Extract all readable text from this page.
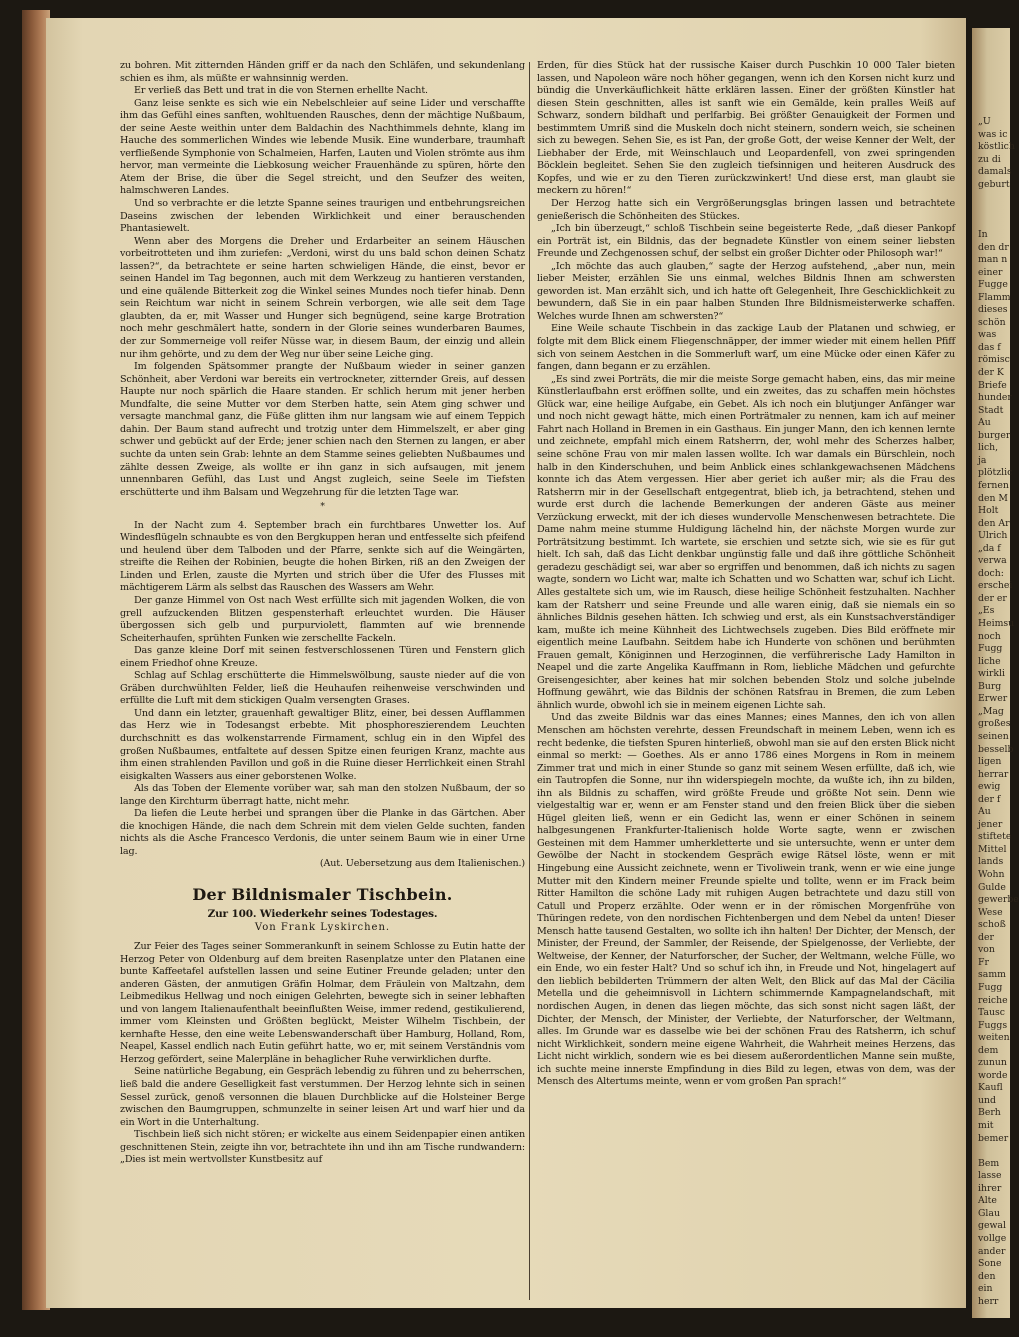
zu bohren. Mit zitternden Händen griff er da nach den Schläfen, und sekundenlang schien es ihm, als müßte er wahnsinnig werden.

Er verließ das Bett und trat in die von Sternen erhellte Nacht.

Ganz leise senkte es sich wie ein Nebelschleier auf seine Lider und verschaffte ihm das Gefühl eines sanften, wohltuenden Rausches, denn der mächtige Nußbaum, der seine Aeste weithin unter dem Baldachin des Nachthimmels dehnte, klang im Hauche des sommerlichen Windes wie lebende Musik. Eine wunderbare, traumhaft verfließende Symphonie von Schalmeien, Harfen, Lauten und Violen strömte aus ihm hervor, man vermeinte die Liebkosung weicher Frauenhände zu spüren, hörte den Atem der Brise, die über die Segel streicht, und den Seufzer des weiten, halmschweren Landes.

Und so verbrachte er die letzte Spanne seines traurigen und entbehrungsreichen Daseins zwischen der lebenden Wirklichkeit und einer berauschenden Phantasiewelt.

Wenn aber des Morgens die Dreher und Erdarbeiter an seinem Häuschen vorbeitrotteten und ihm zuriefen: „Verdoni, wirst du uns bald schon deinen Schatz lassen?“, da betrachtete er seine harten schwieligen Hände, die einst, bevor er seinen Handel im Tag begonnen, auch mit dem Werkzeug zu hantieren verstanden, und eine quälende Bitterkeit zog die Winkel seines Mundes noch tiefer hinab. Denn sein Reichtum war nicht in seinem Schrein verborgen, wie alle seit dem Tage glaubten, da er, mit Wasser und Hunger sich begnügend, seine karge Brotration noch mehr geschmälert hatte, sondern in der Glorie seines wunderbaren Baumes, der zur Sommerneige voll reifer Nüsse war, in diesem Baum, der einzig und allein nur ihm gehörte, und zu dem der Weg nur über seine Leiche ging.

Im folgenden Spätsommer prangte der Nußbaum wieder in seiner ganzen Schönheit, aber Verdoni war bereits ein vertrockneter, zitternder Greis, auf dessen Haupte nur noch spärlich die Haare standen. Er schlich herum mit jener herben Mundfalte, die seine Mutter vor dem Sterben hatte, sein Atem ging schwer und versagte manchmal ganz, die Füße glitten ihm nur langsam wie auf einem Teppich dahin. Der Baum stand aufrecht und trotzig unter dem Himmelszelt, er aber ging schwer und gebückt auf der Erde; jener schien nach den Sternen zu langen, er aber suchte da unten sein Grab: lehnte an dem Stamme seines geliebten Nußbaumes und zählte dessen Zweige, als wollte er ihn ganz in sich aufsaugen, mit jenem unnennbaren Gefühl, das Lust und Angst zugleich, seine Seele im Tiefsten erschütterte und ihm Balsam und Wegzehrung für die letzten Tage war.

*

In der Nacht zum 4. September brach ein furchtbares Unwetter los. Auf Windesflügeln schnaubte es von den Bergkuppen heran und entfesselte sich pfeifend und heulend über dem Talboden und der Pfarre, senkte sich auf die Weingärten, streifte die Reihen der Robinien, beugte die hohen Birken, riß an den Zweigen der Linden und Erlen, zauste die Myrten und strich über die Ufer des Flusses mit mächtigerem Lärm als selbst das Rauschen des Wassers am Wehr.

Der ganze Himmel von Ost nach West erfüllte sich mit jagenden Wolken, die von grell aufzuckenden Blitzen gespensterhaft erleuchtet wurden. Die Häuser übergossen sich gelb und purpurviolett, flammten auf wie brennende Scheiterhaufen, sprühten Funken wie zerschellte Fackeln.

Das ganze kleine Dorf mit seinen festverschlossenen Türen und Fenstern glich einem Friedhof ohne Kreuze.

Schlag auf Schlag erschütterte die Himmelswölbung, sauste nieder auf die von Gräben durchwühlten Felder, ließ die Heuhaufen reihenweise verschwinden und erfüllte die Luft mit dem stickigen Qualm versengten Grases.

Und dann ein letzter, grauenhaft gewaltiger Blitz, einer, bei dessen Aufflammen das Herz wie in Todesangst erbebte. Mit phosphoreszierendem Leuchten durchschnitt es das wolkenstarrende Firmament, schlug ein in den Wipfel des großen Nußbaumes, entfaltete auf dessen Spitze einen feurigen Kranz, machte aus ihm einen strahlenden Pavillon und goß in die Ruine dieser Herrlichkeit einen Strahl eisigkalten Wassers aus einer geborstenen Wolke.

Als das Toben der Elemente vorüber war, sah man den stolzen Nußbaum, der so lange den Kirchturm überragt hatte, nicht mehr.

Da liefen die Leute herbei und sprangen über die Planke in das Gärtchen. Aber die knochigen Hände, die nach dem Schrein mit dem vielen Gelde suchten, fanden nichts als die Asche Francesco Verdonis, die unter seinem Baum wie in einer Urne lag.

(Aut. Uebersetzung aus dem Italienischen.)
Der Bildnismaler Tischbein.
Zur 100. Wiederkehr seines Todestages.
Von Frank Lyskirchen.

Zur Feier des Tages seiner Sommerankunft in seinem Schlosse zu Eutin hatte der Herzog Peter von Oldenburg auf dem breiten Rasenplatze unter den Platanen eine bunte Kaffeetafel aufstellen lassen und seine Eutiner Freunde geladen; unter den anderen Gästen, der anmutigen Gräfin Holmar, dem Fräulein von Maltzahn, dem Leibmedikus Hellwag und noch einigen Gelehrten, bewegte sich in seiner lebhaften und von langem Italienaufenthalt beeinflußten Weise, immer redend, gestikulierend, immer vom Kleinsten und Größten beglückt, Meister Wilhelm Tischbein, der kernhafte Hesse, den eine weite Lebenswanderschaft über Hamburg, Holland, Rom, Neapel, Kassel endlich nach Eutin geführt hatte, wo er, mit seinem Verständnis vom Herzog gefördert, seine Malerpläne in behaglicher Ruhe verwirklichen durfte.

Seine natürliche Begabung, ein Gespräch lebendig zu führen und zu beherrschen, ließ bald die andere Geselligkeit fast verstummen. Der Herzog lehnte sich in seinen Sessel zurück, genoß versonnen die blauen Durchblicke auf die Holsteiner Berge zwischen den Baumgruppen, schmunzelte in seiner leisen Art und warf hier und da ein Wort in die Unterhaltung.

Tischbein ließ sich nicht stören; er wickelte aus einem Seidenpapier einen antiken geschnittenen Stein, zeigte ihn vor, betrachtete ihn und ihn am Tische rundwandern: „Dies ist mein wertvollster Kunstbesitz auf

Erden, für dies Stück hat der russische Kaiser durch Puschkin 10 000 Taler bieten lassen, und Napoleon wäre noch höher gegangen, wenn ich den Korsen nicht kurz und bündig die Unverkäuflichkeit hätte erklären lassen. Einer der größten Künstler hat diesen Stein geschnitten, alles ist sanft wie ein Gemälde, kein pralles Weiß auf Schwarz, sondern bildhaft und perlfarbig. Bei größter Genauigkeit der Formen und bestimmtem Umriß sind die Muskeln doch nicht steinern, sondern weich, sie scheinen sich zu bewegen. Sehen Sie, es ist Pan, der große Gott, der weise Kenner der Welt, der Liebhaber der Erde, mit Weinschlauch und Leopardenfell, von zwei springenden Böcklein begleitet. Sehen Sie den zugleich tiefsinnigen und heiteren Ausdruck des Kopfes, und wie er zu den Tieren zurückzwinkert! Und diese erst, man glaubt sie meckern zu hören!“

Der Herzog hatte sich ein Vergrößerungsglas bringen lassen und betrachtete genießerisch die Schönheiten des Stückes.

„Ich bin überzeugt,“ schloß Tischbein seine begeisterte Rede, „daß dieser Pankopf ein Porträt ist, ein Bildnis, das der begnadete Künstler von einem seiner liebsten Freunde und Zechgenossen schuf, der selbst ein großer Dichter oder Philosoph war!“

„Ich möchte das auch glauben,“ sagte der Herzog aufstehend, „aber nun, mein lieber Meister, erzählen Sie uns einmal, welches Bildnis Ihnen am schwersten geworden ist. Man erzählt sich, und ich hatte oft Gelegenheit, Ihre Geschicklichkeit zu bewundern, daß Sie in ein paar halben Stunden Ihre Bildnismeisterwerke schaffen. Welches wurde Ihnen am schwersten?“

Eine Weile schaute Tischbein in das zackige Laub der Platanen und schwieg, er folgte mit dem Blick einem Fliegenschnäpper, der immer wieder mit einem hellen Pfiff sich von seinem Aestchen in die Sommerluft warf, um eine Mücke oder einen Käfer zu fangen, dann begann er zu erzählen.

„Es sind zwei Porträts, die mir die meiste Sorge gemacht haben, eins, das mir meine Künstlerlaufbahn erst eröffnen sollte, und ein zweites, das zu schaffen mein höchstes Glück war, eine heilige Aufgabe, ein Gebet. Als ich noch ein blutjunger Anfänger war und noch nicht gewagt hätte, mich einen Porträtmaler zu nennen, kam ich auf meiner Fahrt nach Holland in Bremen in ein Gasthaus. Ein junger Mann, den ich kennen lernte und zeichnete, empfahl mich einem Ratsherrn, der, wohl mehr des Scherzes halber, seine schöne Frau von mir malen lassen wollte. Ich war damals ein Bürschlein, noch halb in den Kinderschuhen, und beim Anblick eines schlankgewachsenen Mädchens konnte ich das Atem vergessen. Hier aber geriet ich außer mir; als die Frau des Ratsherrn mir in der Gesellschaft entgegentrat, blieb ich, ja betrachtend, stehen und wurde erst durch die lachende Bemerkungen der anderen Gäste aus meiner Verzückung erweckt, mit der ich dieses wundervolle Menschenwesen betrachtete. Die Dame nahm meine stumme Huldigung lächelnd hin, der nächste Morgen wurde zur Porträtsitzung bestimmt. Ich wartete, sie erschien und setzte sich, wie sie es für gut hielt. Ich sah, daß das Licht denkbar ungünstig falle und daß ihre göttliche Schönheit geradezu geschädigt sei, war aber so ergriffen und benommen, daß ich nichts zu sagen wagte, sondern wo Licht war, malte ich Schatten und wo Schatten war, schuf ich Licht. Alles gestaltete sich um, wie im Rausch, diese heilige Schönheit festzuhalten. Nachher kam der Ratsherr und seine Freunde und alle waren einig, daß sie niemals ein so ähnliches Bildnis gesehen hätten. Ich schwieg und erst, als ein Kunstsachverständiger kam, mußte ich meine Kühnheit des Lichtwechsels zugeben. Dies Bild eröffnete mir eigentlich meine Laufbahn. Seitdem habe ich Hunderte von schönen und berühmten Frauen gemalt, Königinnen und Herzoginnen, die verführerische Lady Hamilton in Neapel und die zarte Angelika Kauffmann in Rom, liebliche Mädchen und gefurchte Greisengesichter, aber keines hat mir solchen bebenden Stolz und solche jubelnde Hoffnung gewährt, wie das Bildnis der schönen Ratsfrau in Bremen, die zum Leben ähnlich wurde, obwohl ich sie in meinem eigenen Lichte sah.

Und das zweite Bildnis war das eines Mannes; eines Mannes, den ich von allen Menschen am höchsten verehrte, dessen Freundschaft in meinem Leben, wenn ich es recht bedenke, die tiefsten Spuren hinterließ, obwohl man sie auf den ersten Blick nicht einmal so merkt: — Goethes. Als er anno 1786 eines Morgens in Rom in meinem Zimmer trat und mich in einer Stunde so ganz mit seinem Wesen erfüllte, daß ich, wie ein Tautropfen die Sonne, nur ihn widerspiegeln mochte, da wußte ich, ihn zu bilden, ihn als Bildnis zu schaffen, wird größte Freude und größte Not sein. Denn wie vielgestaltig war er, wenn er am Fenster stand und den freien Blick über die sieben Hügel gleiten ließ, wenn er ein Gedicht las, wenn er einer Schönen in seinem halbgesungenen Frankfurter-Italienisch holde Worte sagte, wenn er zwischen Gesteinen mit dem Hammer umherkletterte und sie untersuchte, wenn er unter dem Gewölbe der Nacht in stockendem Gespräch ewige Rätsel löste, wenn er mit Hingebung eine Aussicht zeichnete, wenn er Tivoliwein trank, wenn er wie eine junge Mutter mit den Kindern meiner Freunde spielte und tollte, wenn er im Frack beim Ritter Hamilton die schöne Lady mit ruhigen Augen betrachtete und dazu still von Catull und Properz erzählte. Oder wenn er in der römischen Morgenfrühe von Thüringen redete, von den nordischen Fichtenbergen und dem Nebel da unten! Dieser Mensch hatte tausend Gestalten, wo sollte ich ihn halten! Der Dichter, der Mensch, der Minister, der Freund, der Sammler, der Reisende, der Spielgenosse, der Verliebte, der Weltweise, der Kenner, der Naturforscher, der Sucher, der Weltmann, welche Fülle, wo ein Ende, wo ein fester Halt? Und so schuf ich ihn, in Freude und Not, hingelagert auf den lieblich bebilderten Trümmern der alten Welt, den Blick auf das Mal der Cäcilia Metella und die geheimnisvoll in Lichtern schimmernde Kampagnelandschaft, mit nordischen Augen, in denen das liegen möchte, das sich sonst nicht sagen läßt, der Dichter, der Mensch, der Minister, der Verliebte, der Naturforscher, der Weltmann, alles. Im Grunde war es dasselbe wie bei der schönen Frau des Ratsherrn, ich schuf nicht Wirklichkeit, sondern meine eigene Wahrheit, die Wahrheit meines Herzens, das Licht nicht wirklich, sondern wie es bei diesem außerordentlichen Manne sein mußte, ich suchte meine innerste Empfindung in dies Bild zu legen, etwas von dem, was der Mensch des Altertums meinte, wenn er vom großen Pan sprach!“

„U
was ic
köstlich
zu di
damals
geburt
In
den dr
man n
einer
Fugge
Flamm
dieses
schön
was
das f
römisc
der K
Briefe
hunder
Stadt
Au
burger
lich,
ja
plötzlic
fernen
den M
Holt
den Ar
Ulrich
„da f
verwa
doch:
erschei
der er
„Es
Heimsu
noch
Fugg
liche
wirkli
Burg
Erwer
„Mag
großes
seinen
besselb
ligen
herrar
ewig
der f
Au
jener
stiftete
Mittel
lands
Wohn
Gulde
gewerbe
Wese
schoß
der
von
Fr
samm
Fugg
reiche
Tausc
Fuggs
weiten
dem
zunun
worde
Kaufl
und
Berh
mit
bemer
Bem
lasse
ihrer
Alte
Glau
gewal
vollge
ander
Sone
den
ein
herr
